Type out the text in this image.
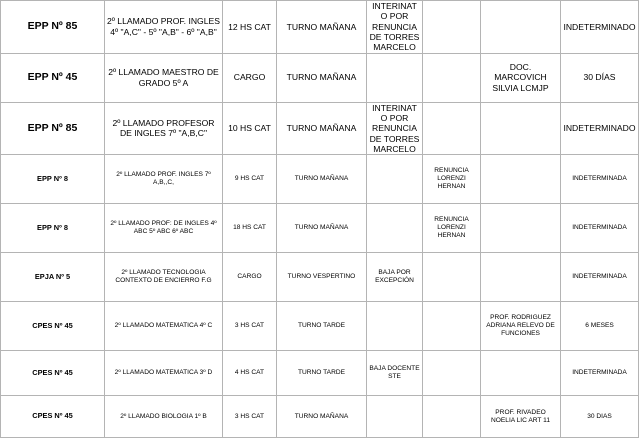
EPP Nº 85	2º LLAMADO PROF. INGLES 4º "A,C" - 5º "A,B" - 6º "A,B"	12 HS CAT	TURNO MAÑANA	INTERINATO POR RENUNCIA DE TORRES MARCELO			INDETERMINADO
EPP Nº 45	2º LLAMADO MAESTRO DE GRADO 5º A	CARGO	TURNO MAÑANA			DOC. MARCOVICH SILVIA LCMJP	30 DÍAS
EPP Nº 85	2º LLAMADO PROFESOR DE INGLES 7º "A,B,C"	10 HS CAT	TURNO MAÑANA	INTERINATO POR RENUNCIA DE TORRES MARCELO			INDETERMINADO
EPP Nº 8	2º LLAMADO PROF. INGLES 7º A,B,,C,	9 HS CAT	TURNO MAÑANA		RENUNCIA LORENZI HERNAN		INDETERMINADA
EPP Nº 8	2º LLAMADO PROF: DE INGLES 4º ABC 5º ABC 6º ABC	18 HS CAT	TURNO MAÑANA		RENUNCIA LORENZI HERNAN		INDETERMINADA
EPJA Nº 5	2º LLAMADO TECNOLOGIA CONTEXTO DE ENCIERRO F.G	CARGO	TURNO VESPERTINO	BAJA POR EXCEPCIÓN			INDETERMINADA
CPES Nº 45	2º LLAMADO MATEMATICA 4º C	3 HS CAT	TURNO TARDE			PROF. RODRIGUEZ ADRIANA RELEVO DE FUNCIONES	6 MESES
CPES Nº 45	2º LLAMADO MATEMATICA 3º D	4 HS CAT	TURNO TARDE	BAJA DOCENTE STE			INDETERMINADA
CPES Nº 45	2º LLAMADO BIOLOGIA 1º B	3 HS CAT	TURNO MAÑANA			PROF. RIVADEO NOELIA LIC ART 11	30 DIAS
